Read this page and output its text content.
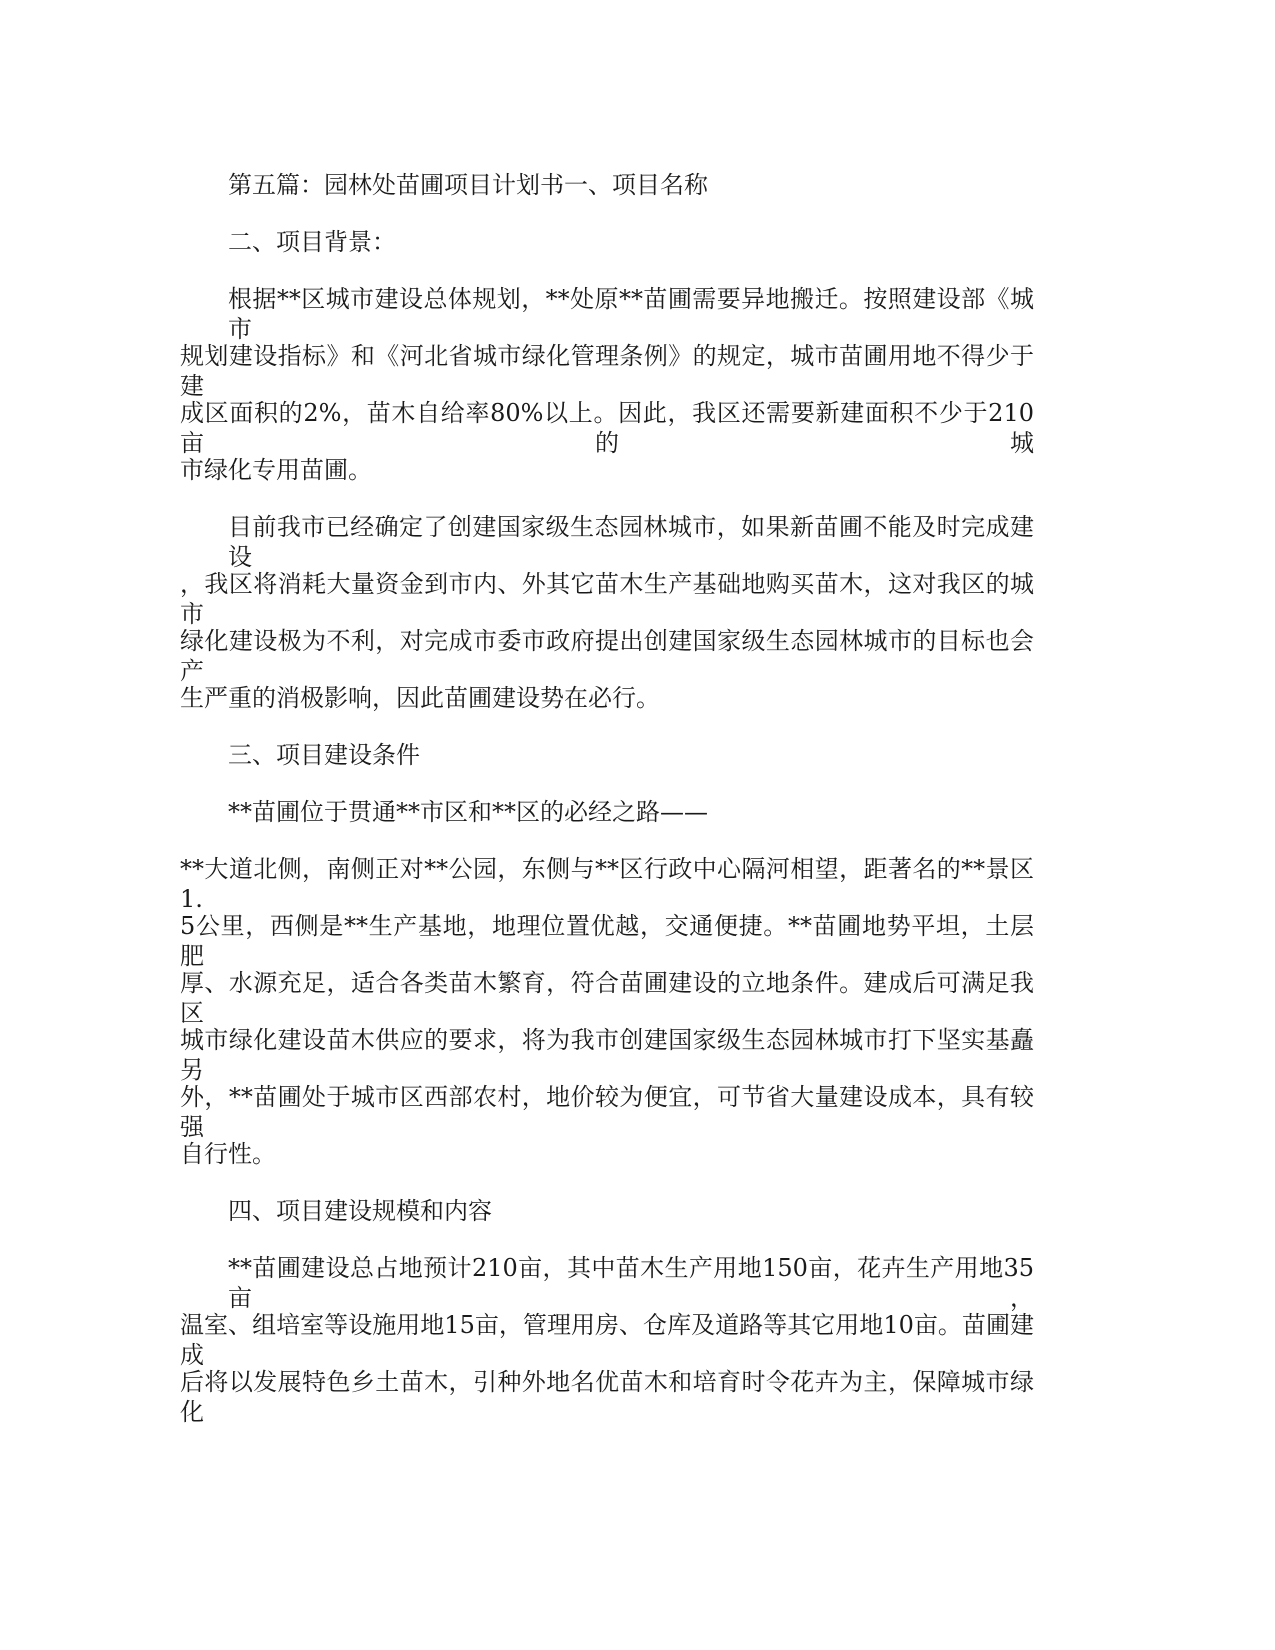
第五篇：园林处苗圃项目计划书一、项目名称
二、项目背景：
根据**区城市建设总体规划，**处原**苗圃需要异地搬迁。按照建设部《城市
规划建设指标》和《河北省城市绿化管理条例》的规定，城市苗圃用地不得少于建
成区面积的2%，苗木自给率80%以上。因此，我区还需要新建面积不少于210亩的城
市绿化专用苗圃。
目前我市已经确定了创建国家级生态园林城市，如果新苗圃不能及时完成建设
，我区将消耗大量资金到市内、外其它苗木生产基础地购买苗木，这对我区的城市
绿化建设极为不利，对完成市委市政府提出创建国家级生态园林城市的目标也会产
生严重的消极影响，因此苗圃建设势在必行。
三、项目建设条件
**苗圃位于贯通**市区和**区的必经之路——
**大道北侧，南侧正对**公园，东侧与**区行政中心隔河相望，距著名的**景区1.
5公里，西侧是**生产基地，地理位置优越，交通便捷。**苗圃地势平坦，土层肥
厚、水源充足，适合各类苗木繁育，符合苗圃建设的立地条件。建成后可满足我区
城市绿化建设苗木供应的要求，将为我市创建国家级生态园林城市打下坚实基矗另
外，**苗圃处于城市区西部农村，地价较为便宜，可节省大量建设成本，具有较强
自行性。
四、项目建设规模和内容
**苗圃建设总占地预计210亩，其中苗木生产用地150亩，花卉生产用地35亩，
温室、组培室等设施用地15亩，管理用房、仓库及道路等其它用地10亩。苗圃建成
后将以发展特色乡土苗木，引种外地名优苗木和培育时令花卉为主，保障城市绿化
